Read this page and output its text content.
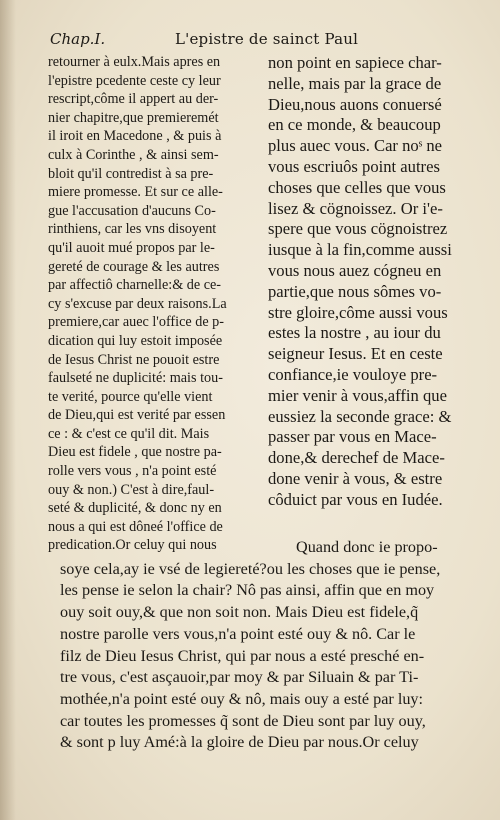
Chap.I.	L'epistre de sainct Paul
retourner à eulx.Mais apres en
l'epistre pcedente ceste cy leur
rescript,côme il appert au der-
nier chapitre,que premieremét
il iroit en Macedone , & puis à
culx à Corinthe , & ainsi sem-
bloit qu'il contredist à sa pre-
miere promesse. Et sur ce alle-
gue l'accusation d'aucuns Co-
rinthiens, car les vns disoyent
qu'il auoit mué propos par le-
gereté de courage & les autres
par affectiô charnelle:& de ce-
cy s'excuse par deux raisons.La
premiere,car auec l'office de p-
dication qui luy estoit imposée
de Iesus Christ ne pouoit estre
faulseté ne duplicité: mais tou-
te verité, pource qu'elle vient
de Dieu,qui est verité par essen
ce : & c'est ce qu'il dit. Mais
Dieu est fidele , que nostre pa-
rolle vers vous , n'a point esté
ouy & non.) C'est à dire,faul-
seté & duplicité, & donc ny en
nous a qui est dôneé l'office de
predication.Or celuy qui nous
non point en sapiece char-
nelle, mais par la grace de
Dieu,nous auons conuersé
en ce monde, & beaucoup
plus auec vous. Car noˢ ne
vous escriuôs point autres
choses que celles que vous
lisez & cögnoissez. Or i'e-
spere que vous cögnoistrez
iusque à la fin,comme aussi
vous nous auez cógneu en
partie,que nous sômes vo-
stre gloire,côme aussi vous
estes la nostre , au iour du
seigneur Iesus. Et en ceste
confiance,ie vouloye pre-
mier venir à vous,affin que
eussiez la seconde grace: &
passer par vous en Mace-
done,& derechef de Mace-
done venir à vous, & estre
côduict par vous en Iudée.
Quand donc ie propo-
soye cela,ay ie vsé de legiereté?ou les choses que ie pense,
les pense ie selon la chair? Nô pas ainsi, affin que en moy
ouy soit ouy,& que non soit non. Mais Dieu est fidele,q̃
nostre parolle vers vous,n'a point esté ouy & nô. Car le
filz de Dieu Iesus Christ, qui par nous a esté presché en-
tre vous, c'est asçauoir,par moy & par Siluain & par Ti-
mothée,n'a point esté ouy & nô, mais ouy a esté par luy:
car toutes les promesses q̃ sont de Dieu sont par luy ouy,
& sont p luy Amé:à la gloire de Dieu par nous.Or celuy
